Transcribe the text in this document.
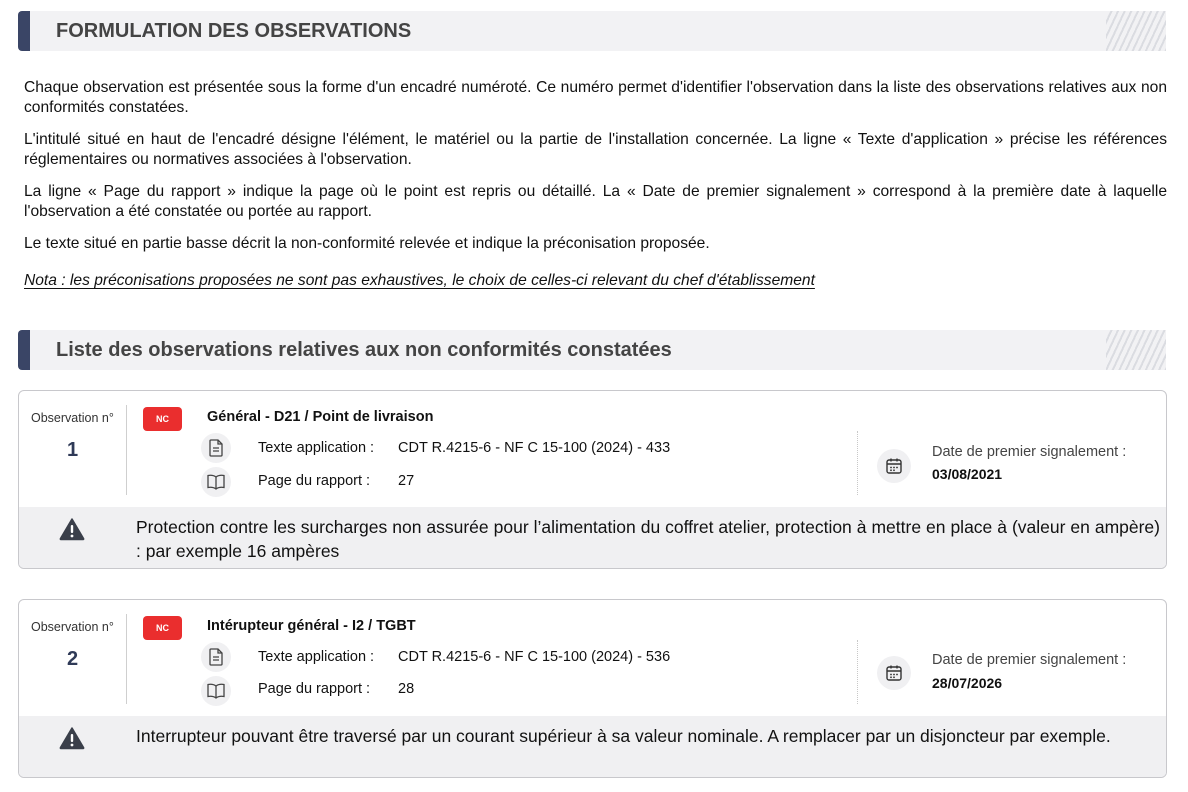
FORMULATION DES OBSERVATIONS

Chaque observation est présentée sous la forme d'un encadré numéroté. Ce numéro permet d'identifier l'observation dans la liste des observations relatives aux non conformités constatées.

L'intitulé situé en haut de l'encadré désigne l'élément, le matériel ou la partie de l'installation concernée. La ligne « Texte d'application » précise les références réglementaires ou normatives associées à l'observation.

La ligne « Page du rapport » indique la page où le point est repris ou détaillé. La « Date de premier signalement » correspond à la première date à laquelle l'observation a été constatée ou portée au rapport.

Le texte situé en partie basse décrit la non-conformité relevée et indique la préconisation proposée.

Nota : les préconisations proposées ne sont pas exhaustives, le choix de celles-ci relevant du chef d'établissement

Liste des observations relatives aux non conformités constatées
Observation n°
1
NC	Général - D21 / Point de livraison
Texte application : CDT R.4215-6 - NF C 15-100 (2024) - 433
Page du rapport : 27
Date de premier signalement :
03/08/2021

Protection contre les surcharges non assurée pour l’alimentation du coffret atelier, protection à mettre en place à (valeur en ampère) : par exemple 16 ampères

Observation n°
2
NC	Intérupteur général - I2 / TGBT
Texte application : CDT R.4215-6 - NF C 15-100 (2024) - 536
Page du rapport : 28
Date de premier signalement :
28/07/2026

Interrupteur pouvant être traversé par un courant supérieur à sa valeur nominale. A remplacer par un disjoncteur par exemple.
